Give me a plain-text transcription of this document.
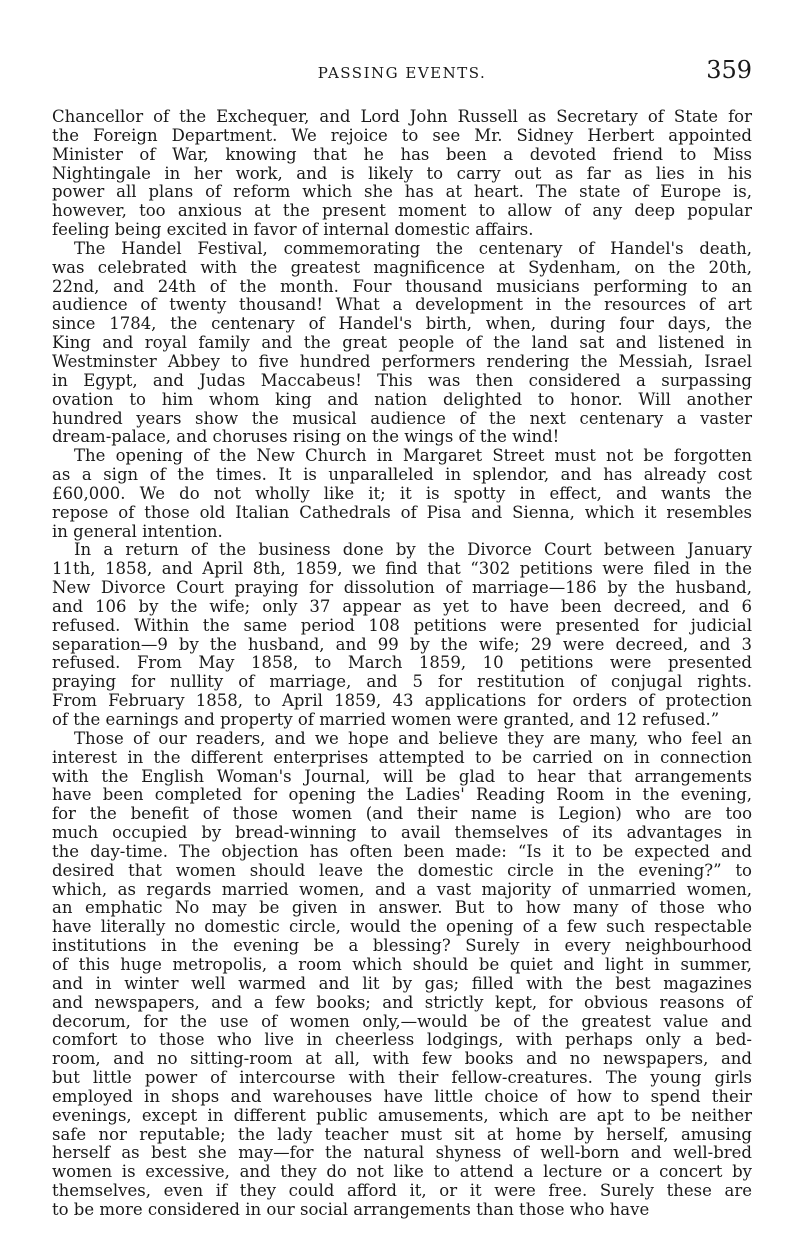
PASSING EVENTS.	359
Chancellor of the Exchequer, and Lord John Russell as Secretary of State for
the Foreign Department. We rejoice to see Mr. Sidney Herbert appointed
Minister of War, knowing that he has been a devoted friend to Miss
Nightingale in her work, and is likely to carry out as far as lies in his
power all plans of reform which she has at heart. The state of Europe is,
however, too anxious at the present moment to allow of any deep popular
feeling being excited in favor of internal domestic affairs.
The Handel Festival, commemorating the centenary of Handel's death,
was celebrated with the greatest magnificence at Sydenham, on the 20th,
22nd, and 24th of the month. Four thousand musicians performing to an
audience of twenty thousand! What a development in the resources of art
since 1784, the centenary of Handel's birth, when, during four days, the
King and royal family and the great people of the land sat and listened in
Westminster Abbey to five hundred performers rendering the Messiah, Israel
in Egypt, and Judas Maccabeus! This was then considered a surpassing
ovation to him whom king and nation delighted to honor. Will another
hundred years show the musical audience of the next centenary a vaster
dream-palace, and choruses rising on the wings of the wind!
The opening of the New Church in Margaret Street must not be forgotten
as a sign of the times. It is unparalleled in splendor, and has already cost
£60,000. We do not wholly like it; it is spotty in effect, and wants the
repose of those old Italian Cathedrals of Pisa and Sienna, which it resembles
in general intention.
In a return of the business done by the Divorce Court between January
11th, 1858, and April 8th, 1859, we find that “302 petitions were filed in the
New Divorce Court praying for dissolution of marriage—186 by the husband,
and 106 by the wife; only 37 appear as yet to have been decreed, and 6
refused. Within the same period 108 petitions were presented for judicial
separation—9 by the husband, and 99 by the wife; 29 were decreed, and 3
refused. From May 1858, to March 1859, 10 petitions were presented
praying for nullity of marriage, and 5 for restitution of conjugal rights.
From February 1858, to April 1859, 43 applications for orders of protection
of the earnings and property of married women were granted, and 12 refused.”
Those of our readers, and we hope and believe they are many, who feel an
interest in the different enterprises attempted to be carried on in connection
with the English Woman's Journal, will be glad to hear that arrangements
have been completed for opening the Ladies' Reading Room in the evening,
for the benefit of those women (and their name is Legion) who are too
much occupied by bread-winning to avail themselves of its advantages in
the day-time. The objection has often been made: “Is it to be expected and
desired that women should leave the domestic circle in the evening?” to
which, as regards married women, and a vast majority of unmarried women,
an emphatic No may be given in answer. But to how many of those who
have literally no domestic circle, would the opening of a few such respectable
institutions in the evening be a blessing? Surely in every neighbourhood
of this huge metropolis, a room which should be quiet and light in summer,
and in winter well warmed and lit by gas; filled with the best magazines
and newspapers, and a few books; and strictly kept, for obvious reasons of
decorum, for the use of women only,—would be of the greatest value and
comfort to those who live in cheerless lodgings, with perhaps only a bed-
room, and no sitting-room at all, with few books and no newspapers, and
but little power of intercourse with their fellow-creatures. The young girls
employed in shops and warehouses have little choice of how to spend their
evenings, except in different public amusements, which are apt to be neither
safe nor reputable; the lady teacher must sit at home by herself, amusing
herself as best she may—for the natural shyness of well-born and well-bred
women is excessive, and they do not like to attend a lecture or a concert by
themselves, even if they could afford it, or it were free. Surely these are
to be more considered in our social arrangements than those who have
